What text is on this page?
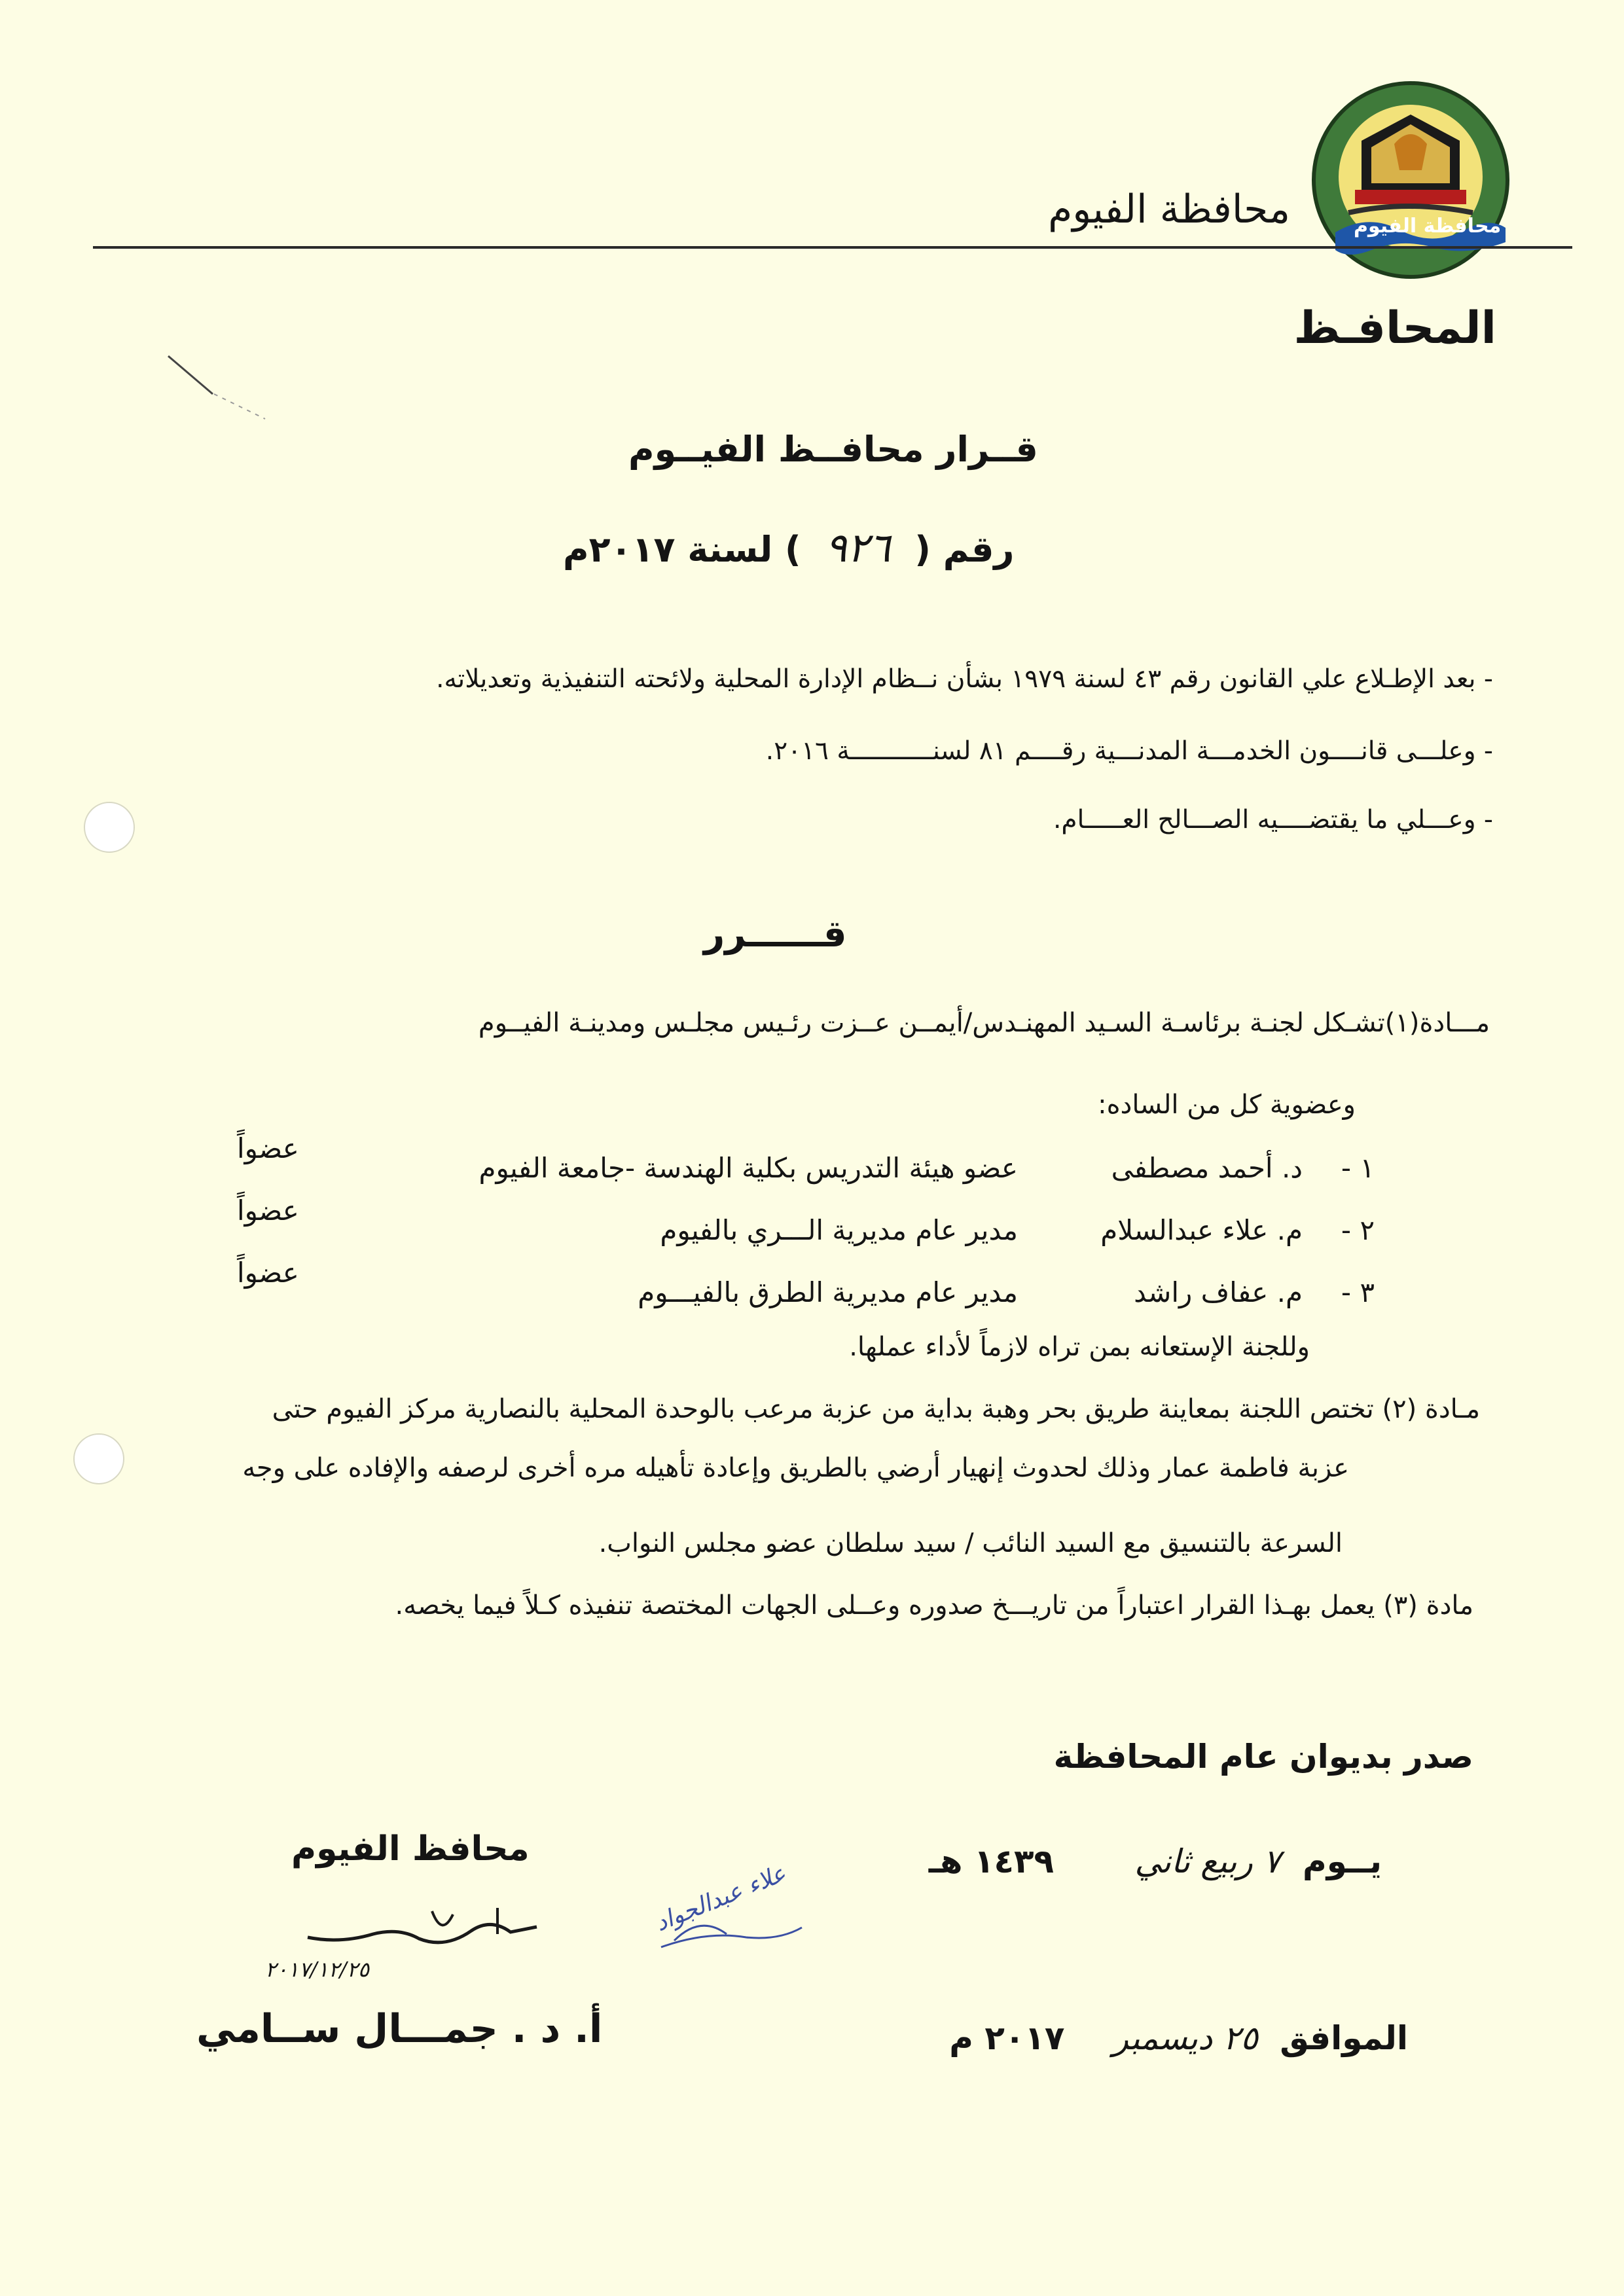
محافظة الفيوم
محافظة الفيوم
المحافـظ
قــرار محافــظ الفيــوم
رقم ( ٩٢٦ ) لسنة ٢٠١٧م
- بعد الإطـلاع علي القانون رقم ٤٣ لسنة ١٩٧٩ بشأن نــظام الإدارة المحلية ولائحته التنفيذية وتعديلاته.
- وعلـــى قانــــون الخدمـــة المدنـــية رقــــم ٨١ لسنـــــــــــة ٢٠١٦.
- وعـــلي ما يقتضــــيه الصـــالح العـــــام.
قــــــرر
مـــادة(١)تشـكل لجنـة برئاسـة السـيد المهنـدس/أيمــن عــزت رئـيس مجلـس ومدينـة الفيــوم
وعضوية كل من الساده:
١ -
د. أحمد مصطفى
عضو هيئة التدريس بكلية الهندسة -جامعة الفيوم
عضواً
٢ -
م. علاء عبدالسلام
مدير عام مديرية الـــري بالفيوم
عضواً
٣ -
م. عفاف راشد
مدير عام مديرية الطرق بالفيـــوم
عضواً
وللجنة الإستعانه بمن تراه لازماً لأداء عملها.
مـادة (٢) تختص اللجنة بمعاينة طريق بحر وهبة بداية من عزبة مرعب بالوحدة المحلية بالنصارية مركز الفيوم حتى
عزبة فاطمة عمار وذلك لحدوث إنهيار أرضي بالطريق وإعادة تأهيله مره أخرى لرصفه والإفاده على وجه
السرعة بالتنسيق مع السيد النائب / سيد سلطان عضو مجلس النواب.
مادة (٣) يعمل بهـذا القرار اعتباراً من تاريـــخ صدوره وعــلى الجهات المختصة تنفيذه كـلاً فيما يخصه.
صدر بديوان عام المحافظة
يــوم ٧ ربيع ثاني ١٤٣٩ هـ
الموافق ٢٥ ديسمبر ٢٠١٧ م
محافظ الفيوم
٢٠١٧/١٢/٢٥
أ. د . جمـــال ســامي
علاء عبدالجواد
